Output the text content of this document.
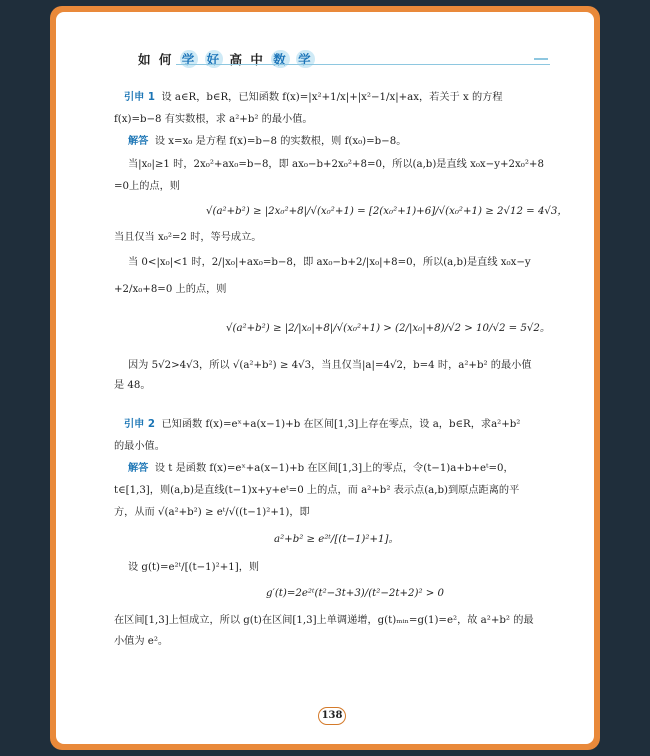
如 何 学 好 高 中 数 学
引申 1 设 a∈R，b∈R，已知函数 f(x)=|x²+1/x|+|x²−1/x|+ax，若关于 x 的方程
f(x)=b−8 有实数根，求 a²+b² 的最小值。
解答 设 x=x₀ 是方程 f(x)=b−8 的实数根，则 f(x₀)=b−8。
当|x₀|≥1 时，2x₀²+ax₀=b−8，即 ax₀−b+2x₀²+8=0，所以(a,b)是直线 x₀x−y+2x₀²+8
=0上的点，则
√(a²+b²) ≥ |2x₀²+8|/√(x₀²+1) = [2(x₀²+1)+6]/√(x₀²+1) ≥ 2√12 = 4√3，
当且仅当 x₀²=2 时，等号成立。
当 0<|x₀|<1 时，2/|x₀|+ax₀=b−8，即 ax₀−b+2/|x₀|+8=0，所以(a,b)是直线 x₀x−y
+2/x₀+8=0 上的点，则
√(a²+b²) ≥ |2/|x₀|+8|/√(x₀²+1) > (2/|x₀|+8)/√2 > 10/√2 = 5√2。
因为 5√2>4√3，所以 √(a²+b²) ≥ 4√3，当且仅当|a|=4√2，b=4 时，a²+b² 的最小值
是 48。
引申 2 已知函数 f(x)=eˣ+a(x−1)+b 在区间[1,3]上存在零点，设 a，b∈R，求a²+b²
的最小值。
解答 设 t 是函数 f(x)=eˣ+a(x−1)+b 在区间[1,3]上的零点，令(t−1)a+b+eᵗ=0，
t∈[1,3]，则(a,b)是直线(t−1)x+y+eᵗ=0 上的点，而 a²+b² 表示点(a,b)到原点距离的平
方，从而 √(a²+b²) ≥ eᵗ/√((t−1)²+1)，即
a²+b² ≥ e²ᵗ/[(t−1)²+1]。
设 g(t)=e²ᵗ/[(t−1)²+1]，则
g′(t)=2e²ᵗ(t²−3t+3)/(t²−2t+2)² > 0
在区间[1,3]上恒成立，所以 g(t)在区间[1,3]上单调递增，g(t)ₘᵢₙ=g(1)=e²，故 a²+b² 的最
小值为 e²。
138
